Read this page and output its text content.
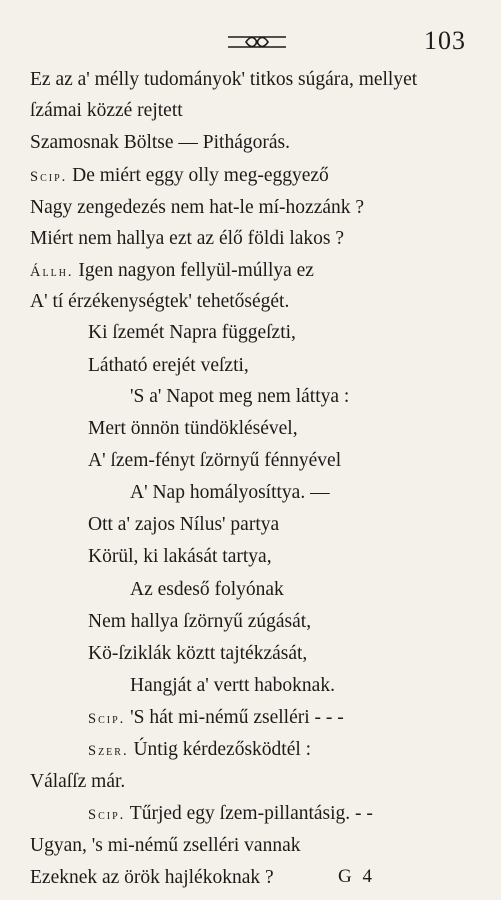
103
Ez az a' mélly tudományok' titkos súgára, mellyet
ſzámai közzé rejtett
Szamosnak Böltse — Pithágorás.
Scip. De miért eggy olly meg-eggyező
Nagy zengedezés nem hat-le mí-hozzánk ?
Miért nem hallya ezt az élő földi lakos ?
Állh. Igen nagyon fellyül-múllya ez
A' tí érzékenységtek' tehetőségét.
Ki ſzemét Napra függeſzti,
Látható erejét veſzti,
'S a' Napot meg nem láttya :
Mert önnön tündöklésével,
A' ſzem-fényt ſzörnyű fénnyével
A' Nap homályosíttya. —
Ott a' zajos Nílus' partya
Körül, ki lakását tartya,
Az esdeső folyónak
Nem hallya ſzörnyű zúgását,
Kö-ſziklák köztt tajtékzását,
Hangját a' vertt haboknak.
Scip. 'S hát mi-némű zselléri - - -
Szer. Úntig kérdezősködtél :
Válaſſz már.
Scip. Tűrjed egy ſzem-pillantásig. - -
Ugyan, 's mi-némű zselléri vannak
Ezeknek az örök hajlékoknak ?	G 4
